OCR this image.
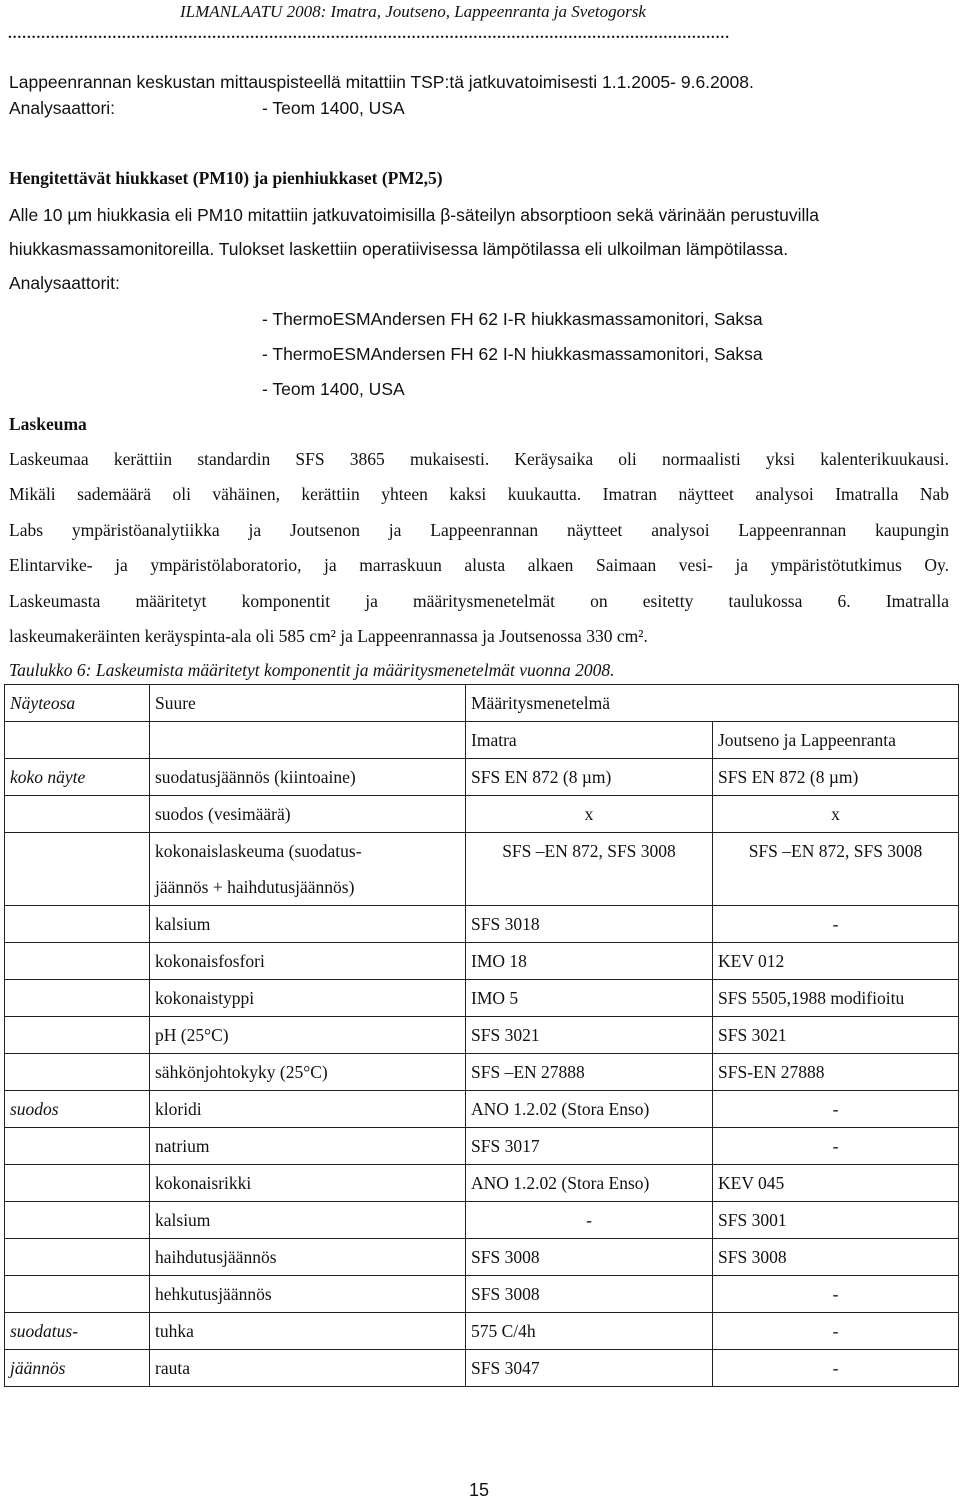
ILMANLAATU 2008: Imatra, Joutseno, Lappeenranta ja Svetogorsk
........................................................................................................................................................
Lappeenrannan keskustan mittauspisteellä mitattiin TSP:tä jatkuvatoimisesti 1.1.2005- 9.6.2008.
Analysaattori:	- Teom 1400, USA
Hengitettävät hiukkaset (PM10) ja pienhiukkaset (PM2,5)
Alle 10 µm hiukkasia eli PM10 mitattiin jatkuvatoimisilla β-säteilyn absorptioon sekä värinään perustuvilla
hiukkasmassamonitoreilla. Tulokset laskettiin operatiivisessa lämpötilassa eli ulkoilman lämpötilassa.
Analysaattorit:
- ThermoESMAndersen FH 62 I-R hiukkasmassamonitori, Saksa
- ThermoESMAndersen FH 62 I-N hiukkasmassamonitori, Saksa
- Teom 1400, USA
Laskeuma
Laskeumaa kerättiin standardin SFS 3865 mukaisesti. Keräysaika oli normaalisti yksi kalenterikuukausi.
Mikäli sademäärä oli vähäinen, kerättiin yhteen kaksi kuukautta. Imatran näytteet analysoi Imatralla Nab
Labs ympäristöanalytiikka ja Joutsenon ja Lappeenrannan näytteet analysoi Lappeenrannan kaupungin
Elintarvike- ja ympäristölaboratorio, ja marraskuun alusta alkaen Saimaan vesi- ja ympäristötutkimus Oy.
Laskeumasta määritetyt komponentit ja määritysmenetelmät on esitetty taulukossa 6. Imatralla
laskeumakeräinten keräyspinta-ala oli 585 cm² ja Lappeenrannassa ja Joutsenossa 330 cm².
Taulukko 6: Laskeumista määritetyt komponentit ja määritysmenetelmät vuonna 2008.
Näyteosa	Suure	Määritysmenetelmä	
		Imatra	Joutseno ja Lappeenranta
koko näyte	suodatusjäännös (kiintoaine)	SFS EN 872 (8 µm)	SFS EN 872 (8 µm)
	suodos (vesimäärä)	x	x

	kokonaislaskeuma (suodatus-
jäännös + haihdutusjäännös)	SFS –EN 872, SFS 3008	SFS –EN 872, SFS 3008
	kalsium	SFS 3018	-
	kokonaisfosfori	IMO 18	KEV 012
	kokonaistyppi	IMO 5	SFS 5505,1988 modifioitu
	pH (25°C)	SFS 3021	SFS 3021
	sähkönjohtokyky (25°C)	SFS –EN 27888	SFS-EN 27888
suodos	kloridi	ANO 1.2.02 (Stora Enso)	-
	natrium	SFS 3017	-
	kokonaisrikki	ANO 1.2.02 (Stora Enso)	KEV 045
	kalsium	-	SFS 3001
	haihdutusjäännös	SFS 3008	SFS 3008
	hehkutusjäännös	SFS 3008	-
suodatus-	tuhka	575 C/4h	-
jäännös	rauta	SFS 3047	-
15
